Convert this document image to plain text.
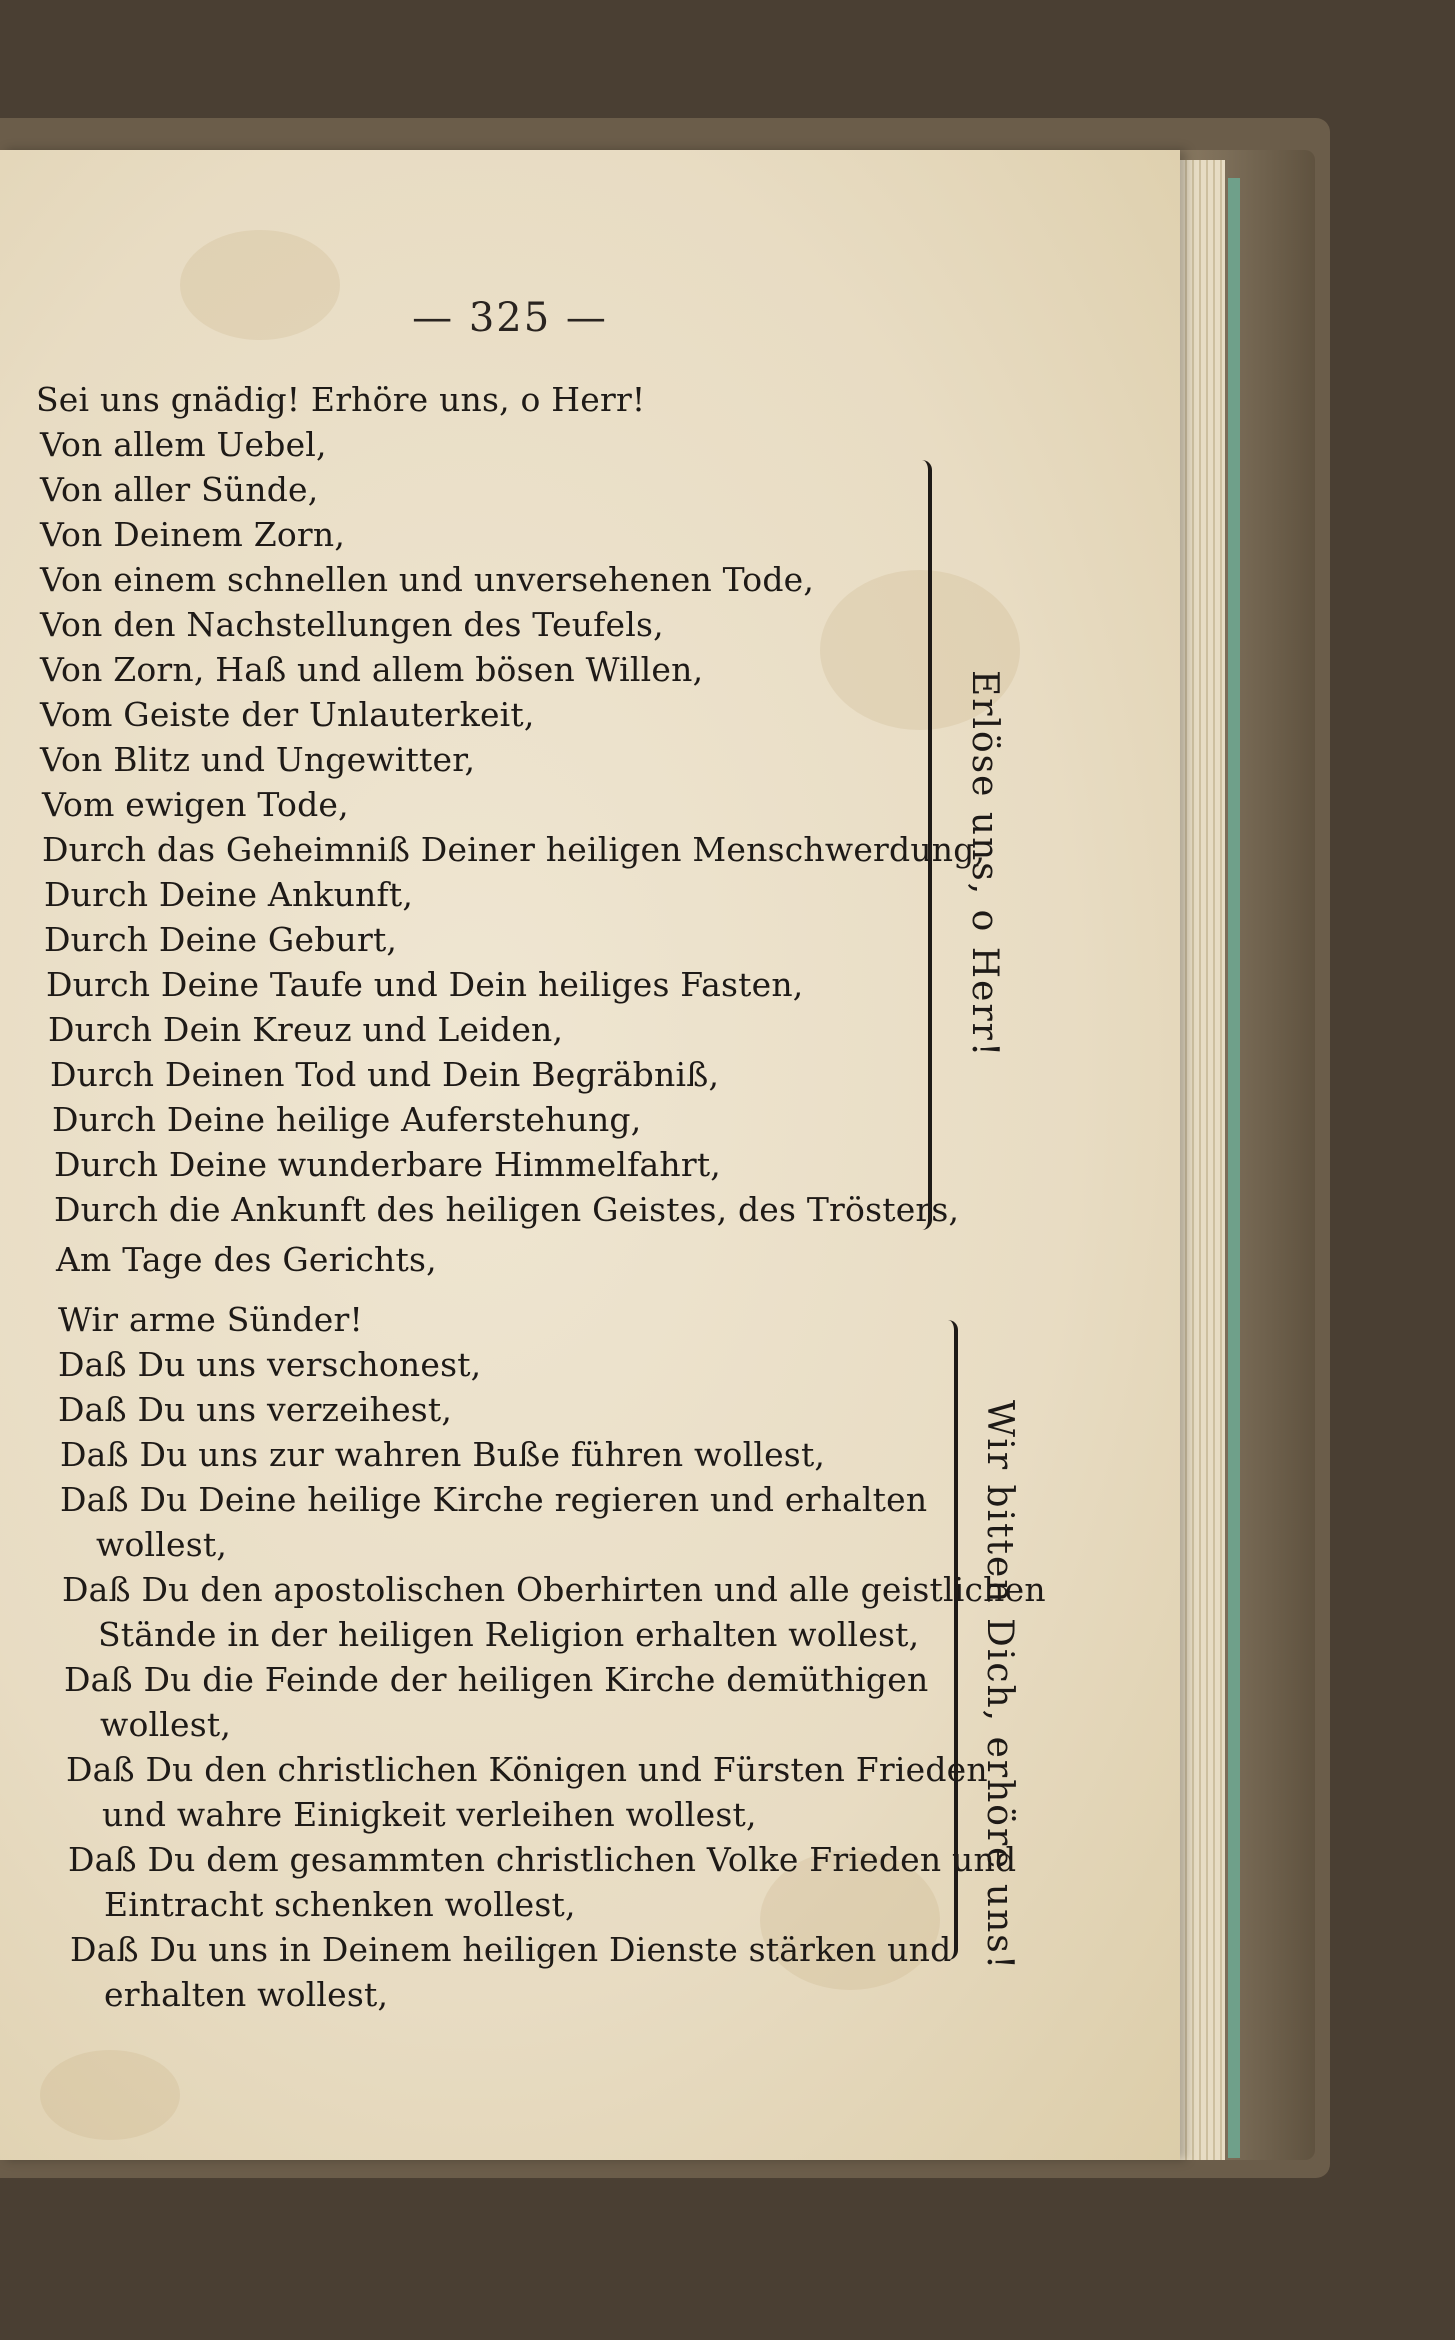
— 325 —
Sei uns gnädig! Erhöre uns, o Herr!
Von allem Uebel,
Von aller Sünde,
Von Deinem Zorn,
Von einem schnellen und unversehenen Tode,
Von den Nachstellungen des Teufels,
Von Zorn, Haß und allem bösen Willen,
Vom Geiste der Unlauterkeit,
Von Blitz und Ungewitter,
Vom ewigen Tode,
Durch das Geheimniß Deiner heiligen Menschwerdung,
Durch Deine Ankunft,
Durch Deine Geburt,
Durch Deine Taufe und Dein heiliges Fasten,
Durch Dein Kreuz und Leiden,
Durch Deinen Tod und Dein Begräbniß,
Durch Deine heilige Auferstehung,
Durch Deine wunderbare Himmelfahrt,
Durch die Ankunft des heiligen Geistes, des Trösters,
Am Tage des Gerichts,
Erlöse uns, o Herr!
Wir arme Sünder!
Daß Du uns verschonest,
Daß Du uns verzeihest,
Daß Du uns zur wahren Buße führen wollest,
Daß Du Deine heilige Kirche regieren und erhalten
wollest,
Daß Du den apostolischen Oberhirten und alle geistlichen
Stände in der heiligen Religion erhalten wollest,
Daß Du die Feinde der heiligen Kirche demüthigen
wollest,
Daß Du den christlichen Königen und Fürsten Frieden
und wahre Einigkeit verleihen wollest,
Daß Du dem gesammten christlichen Volke Frieden und
Eintracht schenken wollest,
Daß Du uns in Deinem heiligen Dienste stärken und
erhalten wollest,
Wir bitten Dich, erhöre uns!
